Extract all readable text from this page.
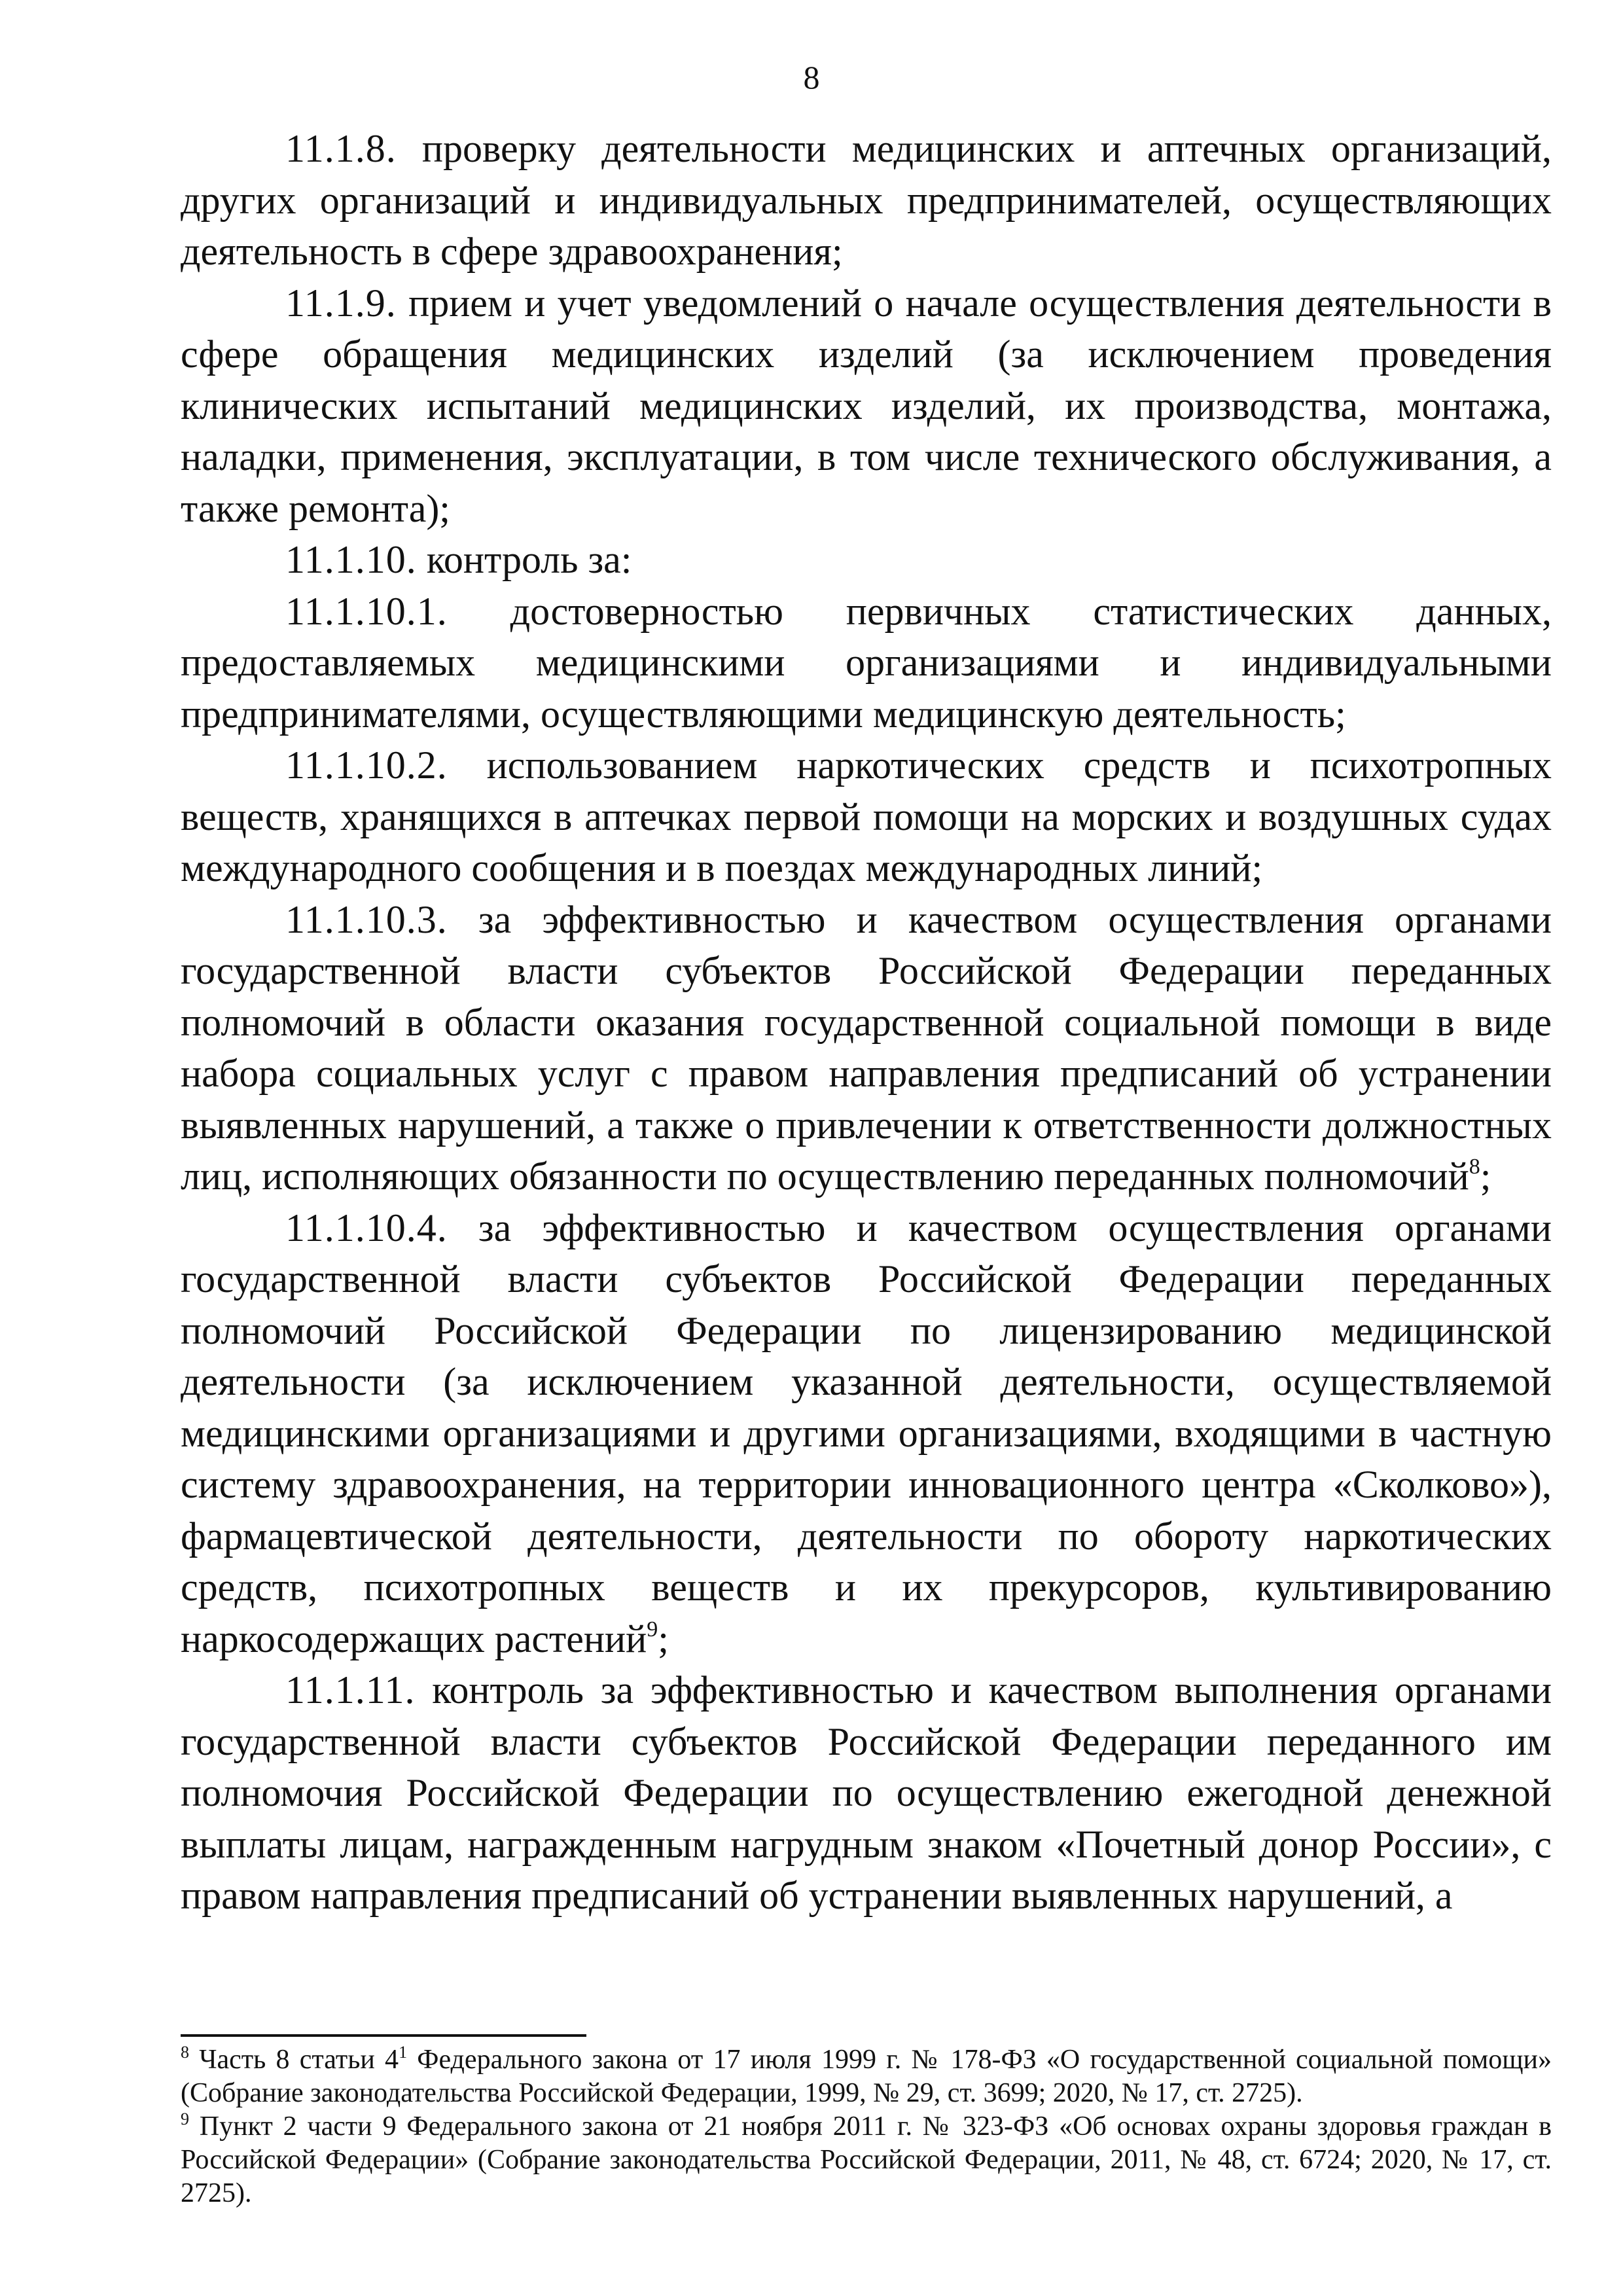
8

11.1.8. проверку деятельности медицинских и аптечных организаций, других организаций и индивидуальных предпринимателей, осуществляющих деятельность в сфере здравоохранения;

11.1.9. прием и учет уведомлений о начале осуществления деятельности в сфере обращения медицинских изделий (за исключением проведения клинических испытаний медицинских изделий, их производства, монтажа, наладки, применения, эксплуатации, в том числе технического обслуживания, а также ремонта);

11.1.10. контроль за:

11.1.10.1. достоверностью первичных статистических данных, предоставляемых медицинскими организациями и индивидуальными предпринимателями, осуществляющими медицинскую деятельность;

11.1.10.2. использованием наркотических средств и психотропных веществ, хранящихся в аптечках первой помощи на морских и воздушных судах международного сообщения и в поездах международных линий;

11.1.10.3. за эффективностью и качеством осуществления органами государственной власти субъектов Российской Федерации переданных полномочий в области оказания государственной социальной помощи в виде набора социальных услуг с правом направления предписаний об устранении выявленных нарушений, а также о привлечении к ответственности должностных лиц, исполняющих обязанности по осуществлению переданных полномочий$^8$;

11.1.10.4. за эффективностью и качеством осуществления органами государственной власти субъектов Российской Федерации переданных полномочий Российской Федерации по лицензированию медицинской деятельности (за исключением указанной деятельности, осуществляемой медицинскими организациями и другими организациями, входящими в частную систему здравоохранения, на территории инновационного центра «Сколково»), фармацевтической деятельности, деятельности по обороту наркотических средств, психотропных веществ и их прекурсоров, культивированию наркосодержащих растений$^9$;

11.1.11. контроль за эффективностью и качеством выполнения органами государственной власти субъектов Российской Федерации переданного им полномочия Российской Федерации по осуществлению ежегодной денежной выплаты лицам, награжденным нагрудным знаком «Почетный донор России», с правом направления предписаний об устранении выявленных нарушений, а

$^8$ Часть 8 статьи $4^1$ Федерального закона от 17 июля 1999 г. № 178-ФЗ «О государственной социальной помощи» (Собрание законодательства Российской Федерации, 1999, № 29, ст. 3699; 2020, № 17, ст. 2725).

$^9$ Пункт 2 части 9 Федерального закона от 21 ноября 2011 г. № 323-ФЗ «Об основах охраны здоровья граждан в Российской Федерации» (Собрание законодательства Российской Федерации, 2011, № 48, ст. 6724; 2020, № 17, ст. 2725).
